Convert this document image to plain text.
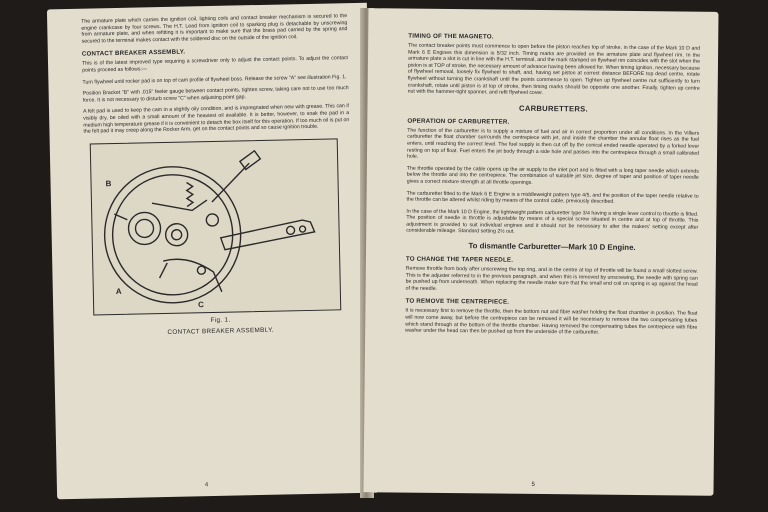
The armature plate which carries the ignition coil, lighting coils and contact breaker mechanism is secured to the engine crankcase by four screws. The H.T. Lead from ignition coil to sparking plug is detachable by unscrewing from armature plate, and when refitting it is important to make sure that the brass pad carried by the spring and secured to the terminal makes contact with the soldered disc on the outside of the ignition coil.

CONTACT BREAKER ASSEMBLY.

This is of the latest improved type requiring a screwdriver only to adjust the contact points. To adjust the contact points proceed as follows:—

Turn flywheel until rocker pad is on top of cam profile of flywheel boss. Release the screw "A" see illustration Fig. 1.

Position Bracket "B" with .015" feeler gauge between contact points, tighten screw, taking care not to use too much force. It is not necessary to disturb screw "C" when adjusting point gap.

A felt pad is used to keep the cam in a slightly oily condition, and is impregnated when new with grease. This can if visibly dry, be oiled with a small amount of the heaviest oil available. It is better, however, to soak the pad in a medium high temperature grease if it is convenient to detach the box itself for this operation. If too much oil is put on the felt pad it may creep along the Rocker Arm, get on the contact points and so cause ignition trouble.

B
A
C
Fig. 1.
CONTACT BREAKER ASSEMBLY.
4
TIMING OF THE MAGNETO.

The contact breaker points must commence to open before the piston reaches top of stroke, in the case of the Mark 10 D and Mark 6 E Engines this dimension is 5/32 inch. Timing marks are provided on the armature plate and flywheel rim. In the armature plate a slot is cut in line with the H.T. terminal, and the mark stamped on flywheel rim coincides with the slot when the piston is at TOP of stroke, the necessary amount of advance having been allowed for. When timing ignition, necessary because of flywheel removal, loosely fix flywheel to shaft, and, having set piston at correct distance BEFORE top dead centre, rotate flywheel without turning the crankshaft until the points commence to open. Tighten up flywheel centre nut sufficiently to turn crankshaft, rotate until piston is at top of stroke, then timing marks should be opposite one another. Finally, tighten up centre nut with the hammer-tight spanner, and refit flywheel cover.

CARBURETTERS.
OPERATION OF CARBURETTER.

The function of the carburetter is to supply a mixture of fuel and air in correct proportion under all conditions. In the Villiers carburetter the float chamber surrounds the centrepiece with jet, and inside the chamber the annular float rises as the fuel enters, until reaching the correct level. The fuel supply is then cut off by the conical ended needle operated by a forked lever resting on top of float. Fuel enters the jet body through a side hole and passes into the centrepiece through a small calibrated hole.

The throttle operated by the cable opens up the air supply to the inlet port and is fitted with a long taper needle which extends below the throttle and into the centrepiece. The combination of suitable jet size, degree of taper and position of taper needle gives a correct mixture strength at all throttle openings.

The carburetter fitted to the Mark 6 E Engine is a middleweight pattern type 4/5, and the position of the taper needle relative to the throttle can be altered whilst riding by means of the control cable, previously described.

In the case of the Mark 10 D Engine, the lightweight pattern carburetter type 3/4 having a single lever control to throttle is fitted. The position of needle in throttle is adjustable by means of a special screw situated in centre and at top of throttle. This adjustment is provided to suit individual engines and it should not be necessary to alter the makers' setting except after considerable mileage. Standard setting 2½ out.

To dismantle Carburetter—Mark 10 D Engine.
TO CHANGE THE TAPER NEEDLE.

Remove throttle from body after unscrewing the top ring, and in the centre at top of throttle will be found a small slotted screw. This is the adjuster referred to in the previous paragraph, and when this is removed by unscrewing, the needle with spring can be pushed up from underneath. When replacing the needle make sure that the small end coil on spring is up against the head of the needle.

TO REMOVE THE CENTREPIECE.

It is necessary first to remove the throttle, then the bottom nut and fibre washer holding the float chamber in position. The float will now come away, but before the centrepiece can be removed it will be necessary to remove the two compensating tubes which stand through at the bottom of the throttle chamber. Having removed the compensating tubes the centrepiece with fibre washer under the head can then be pushed up from the underside of the carburetter.

5
